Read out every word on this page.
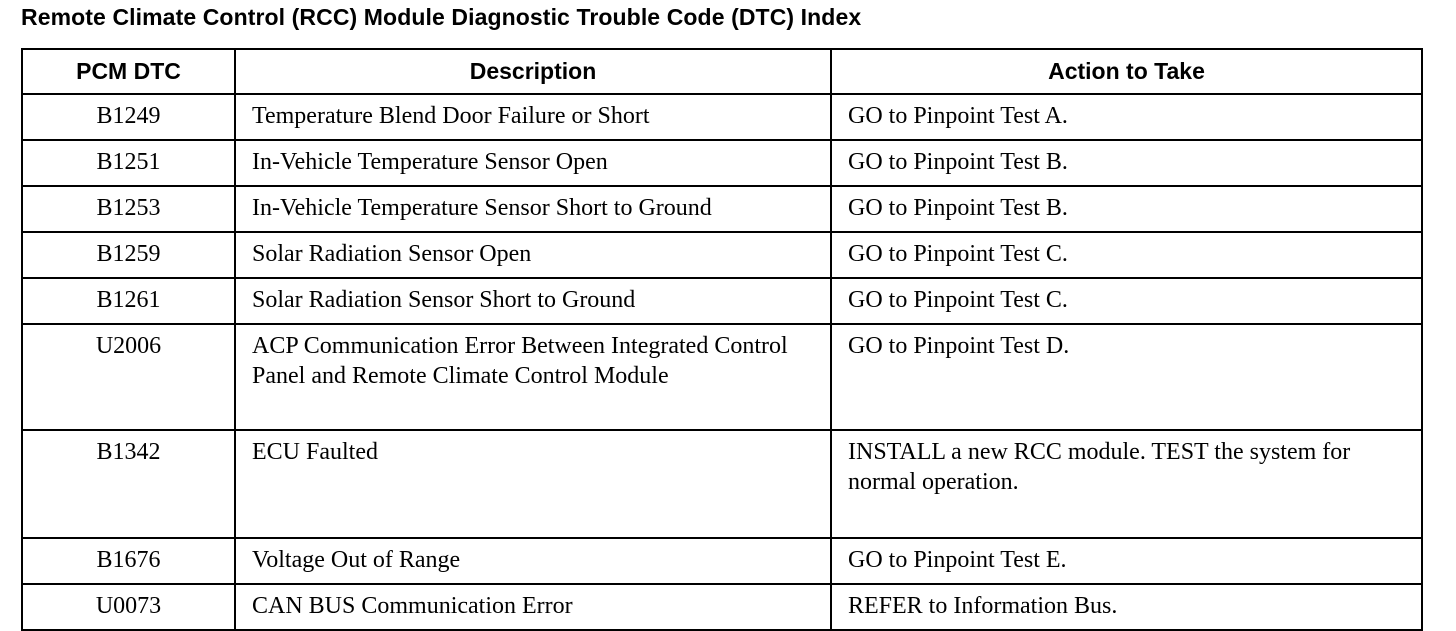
Remote Climate Control (RCC) Module Diagnostic Trouble Code (DTC) Index
PCM DTC	Description	Action to Take
B1249	Temperature Blend Door Failure or Short	GO to Pinpoint Test A.
B1251	In-Vehicle Temperature Sensor Open	GO to Pinpoint Test B.
B1253	In-Vehicle Temperature Sensor Short to Ground	GO to Pinpoint Test B.
B1259	Solar Radiation Sensor Open	GO to Pinpoint Test C.
B1261	Solar Radiation Sensor Short to Ground	GO to Pinpoint Test C.
U2006	ACP Communication Error Between Integrated Control Panel and Remote Climate Control Module	GO to Pinpoint Test D.
B1342	ECU Faulted	INSTALL a new RCC module. TEST the system for normal operation.
B1676	Voltage Out of Range	GO to Pinpoint Test E.
U0073	CAN BUS Communication Error	REFER to Information Bus.
